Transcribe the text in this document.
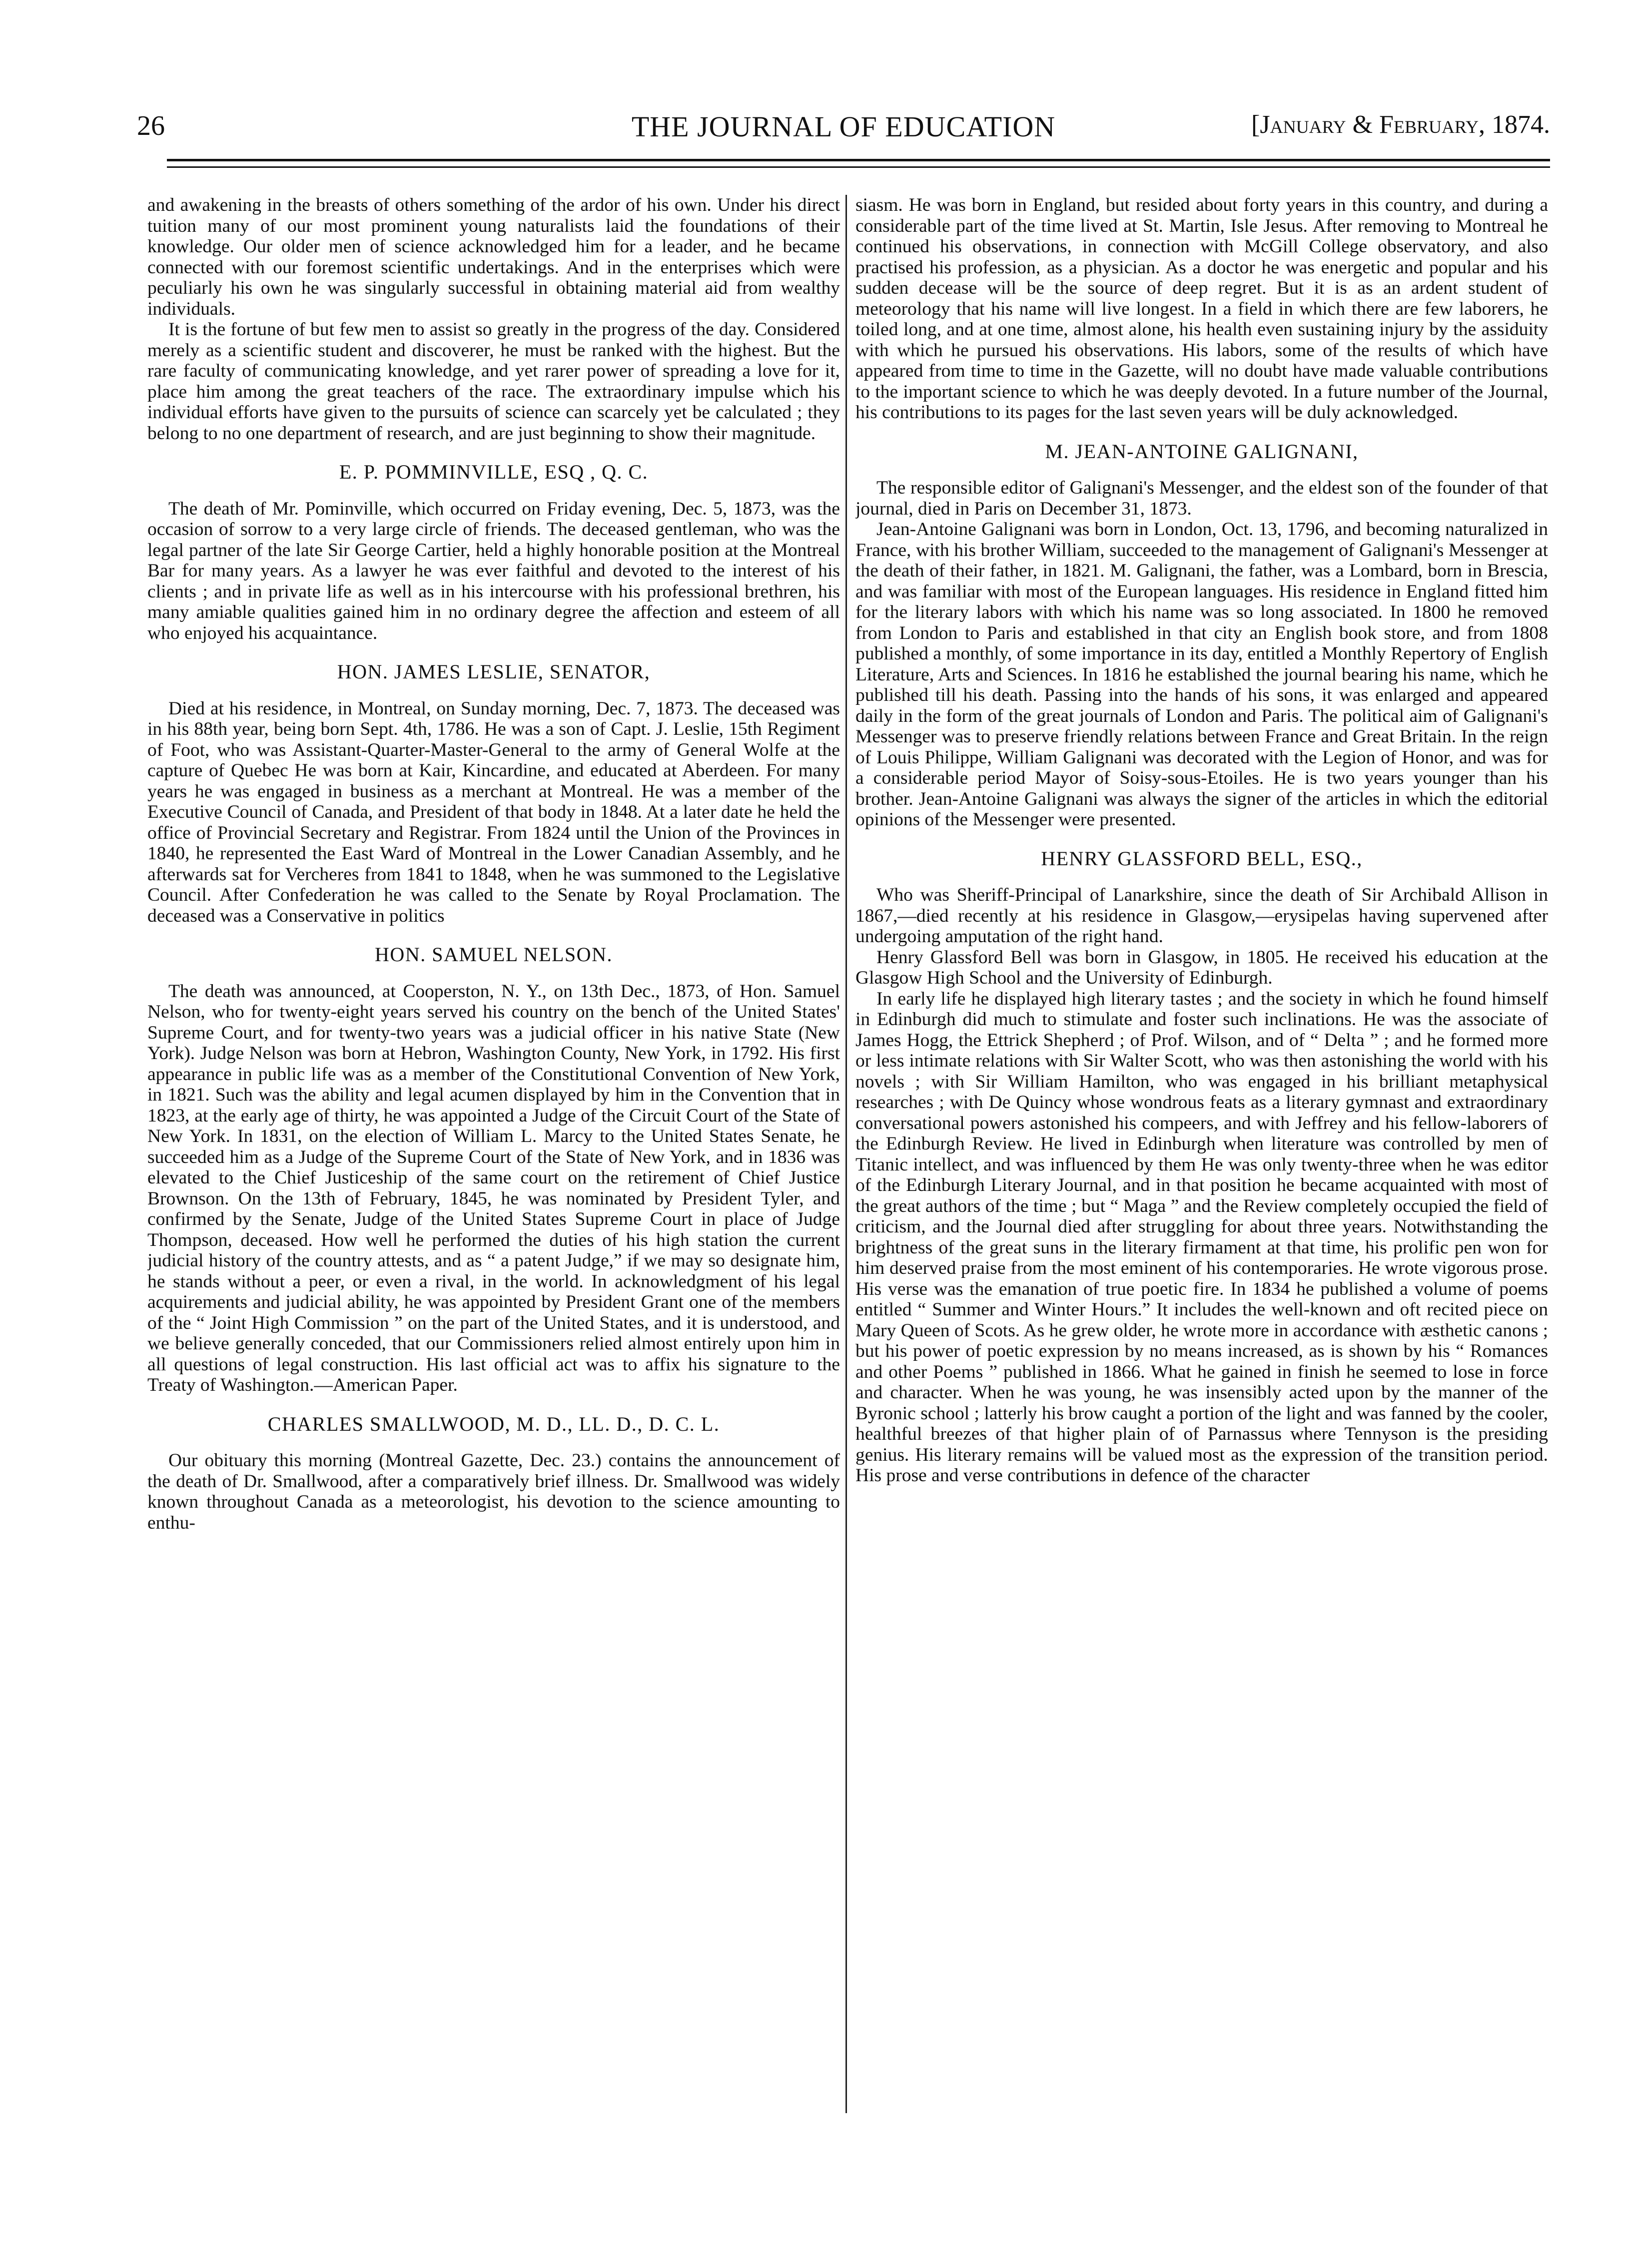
26	THE JOURNAL OF EDUCATION	[January & February, 1874.

and awakening in the breasts of others something of the ardor of his own. Under his direct tuition many of our most prominent young naturalists laid the foundations of their knowledge. Our older men of science acknowledged him for a leader, and he became connected with our foremost scientific undertakings. And in the enterprises which were peculiarly his own he was singularly successful in obtaining material aid from wealthy individuals.

It is the fortune of but few men to assist so greatly in the progress of the day. Considered merely as a scientific student and discoverer, he must be ranked with the highest. But the rare faculty of communicating knowledge, and yet rarer power of spreading a love for it, place him among the great teachers of the race. The extraordinary impulse which his individual efforts have given to the pursuits of science can scarcely yet be calculated ; they belong to no one department of research, and are just beginning to show their magnitude.

E. P. POMMINVILLE, ESQ , Q. C.

The death of Mr. Pominville, which occurred on Friday evening, Dec. 5, 1873, was the occasion of sorrow to a very large circle of friends. The deceased gentleman, who was the legal partner of the late Sir George Cartier, held a highly honorable position at the Montreal Bar for many years. As a lawyer he was ever faithful and devoted to the interest of his clients ; and in private life as well as in his intercourse with his professional brethren, his many amiable qualities gained him in no ordinary degree the affection and esteem of all who enjoyed his acquaintance.

HON. JAMES LESLIE, SENATOR,

Died at his residence, in Montreal, on Sunday morning, Dec. 7, 1873. The deceased was in his 88th year, being born Sept. 4th, 1786. He was a son of Capt. J. Leslie, 15th Regiment of Foot, who was Assistant-Quarter-Master-General to the army of General Wolfe at the capture of Quebec He was born at Kair, Kincardine, and educated at Aberdeen. For many years he was engaged in business as a merchant at Montreal. He was a member of the Executive Council of Canada, and President of that body in 1848. At a later date he held the office of Provincial Secretary and Registrar. From 1824 until the Union of the Provinces in 1840, he represented the East Ward of Montreal in the Lower Canadian Assembly, and he afterwards sat for Vercheres from 1841 to 1848, when he was summoned to the Legislative Council. After Confederation he was called to the Senate by Royal Proclamation. The deceased was a Conservative in politics

HON. SAMUEL NELSON.

The death was announced, at Cooperston, N. Y., on 13th Dec., 1873, of Hon. Samuel Nelson, who for twenty-eight years served his country on the bench of the United States' Supreme Court, and for twenty-two years was a judicial officer in his native State (New York). Judge Nelson was born at Hebron, Washington County, New York, in 1792. His first appearance in public life was as a member of the Constitutional Convention of New York, in 1821. Such was the ability and legal acumen displayed by him in the Convention that in 1823, at the early age of thirty, he was appointed a Judge of the Circuit Court of the State of New York. In 1831, on the election of William L. Marcy to the United States Senate, he succeeded him as a Judge of the Supreme Court of the State of New York, and in 1836 was elevated to the Chief Justiceship of the same court on the retirement of Chief Justice Brownson. On the 13th of February, 1845, he was nominated by President Tyler, and confirmed by the Senate, Judge of the United States Supreme Court in place of Judge Thompson, deceased. How well he performed the duties of his high station the current judicial history of the country attests, and as “ a patent Judge,” if we may so designate him, he stands without a peer, or even a rival, in the world. In acknowledgment of his legal acquirements and judicial ability, he was appointed by President Grant one of the members of the “ Joint High Commission ” on the part of the United States, and it is understood, and we believe generally conceded, that our Commissioners relied almost entirely upon him in all questions of legal construction. His last official act was to affix his signature to the Treaty of Washington.—American Paper.

CHARLES SMALLWOOD, M. D., LL. D., D. C. L.

Our obituary this morning (Montreal Gazette, Dec. 23.) contains the announcement of the death of Dr. Smallwood, after a comparatively brief illness. Dr. Smallwood was widely known throughout Canada as a meteorologist, his devotion to the science amounting to enthu-

siasm. He was born in England, but resided about forty years in this country, and during a considerable part of the time lived at St. Martin, Isle Jesus. After removing to Montreal he continued his observations, in connection with McGill College observatory, and also practised his profession, as a physician. As a doctor he was energetic and popular and his sudden decease will be the source of deep regret. But it is as an ardent student of meteorology that his name will live longest. In a field in which there are few laborers, he toiled long, and at one time, almost alone, his health even sustaining injury by the assiduity with which he pursued his observations. His labors, some of the results of which have appeared from time to time in the Gazette, will no doubt have made valuable contributions to the important science to which he was deeply devoted. In a future number of the Journal, his contributions to its pages for the last seven years will be duly acknowledged.

M. JEAN-ANTOINE GALIGNANI,

The responsible editor of Galignani's Messenger, and the eldest son of the founder of that journal, died in Paris on December 31, 1873.

Jean-Antoine Galignani was born in London, Oct. 13, 1796, and becoming naturalized in France, with his brother William, succeeded to the management of Galignani's Messenger at the death of their father, in 1821. M. Galignani, the father, was a Lombard, born in Brescia, and was familiar with most of the European languages. His residence in England fitted him for the literary labors with which his name was so long associated. In 1800 he removed from London to Paris and established in that city an English book store, and from 1808 published a monthly, of some importance in its day, entitled a Monthly Repertory of English Literature, Arts and Sciences. In 1816 he established the journal bearing his name, which he published till his death. Passing into the hands of his sons, it was enlarged and appeared daily in the form of the great journals of London and Paris. The political aim of Galignani's Messenger was to preserve friendly relations between France and Great Britain. In the reign of Louis Philippe, William Galignani was decorated with the Legion of Honor, and was for a considerable period Mayor of Soisy-sous-Etoiles. He is two years younger than his brother. Jean-Antoine Galignani was always the signer of the articles in which the editorial opinions of the Messenger were presented.

HENRY GLASSFORD BELL, ESQ.,

Who was Sheriff-Principal of Lanarkshire, since the death of Sir Archibald Allison in 1867,—died recently at his residence in Glasgow,—erysipelas having supervened after undergoing amputation of the right hand.

Henry Glassford Bell was born in Glasgow, in 1805. He received his education at the Glasgow High School and the University of Edinburgh.

In early life he displayed high literary tastes ; and the society in which he found himself in Edinburgh did much to stimulate and foster such inclinations. He was the associate of James Hogg, the Ettrick Shepherd ; of Prof. Wilson, and of “ Delta ” ; and he formed more or less intimate relations with Sir Walter Scott, who was then astonishing the world with his novels ; with Sir William Hamilton, who was engaged in his brilliant metaphysical researches ; with De Quincy whose wondrous feats as a literary gymnast and extraordinary conversational powers astonished his compeers, and with Jeffrey and his fellow-laborers of the Edinburgh Review. He lived in Edinburgh when literature was controlled by men of Titanic intellect, and was influenced by them He was only twenty-three when he was editor of the Edinburgh Literary Journal, and in that position he became acquainted with most of the great authors of the time ; but “ Maga ” and the Review completely occupied the field of criticism, and the Journal died after struggling for about three years. Notwithstanding the brightness of the great suns in the literary firmament at that time, his prolific pen won for him deserved praise from the most eminent of his contemporaries. He wrote vigorous prose. His verse was the emanation of true poetic fire. In 1834 he published a volume of poems entitled “ Summer and Winter Hours.” It includes the well-known and oft recited piece on Mary Queen of Scots. As he grew older, he wrote more in accordance with æsthetic canons ; but his power of poetic expression by no means increased, as is shown by his “ Romances and other Poems ” published in 1866. What he gained in finish he seemed to lose in force and character. When he was young, he was insensibly acted upon by the manner of the Byronic school ; latterly his brow caught a portion of the light and was fanned by the cooler, healthful breezes of that higher plain of of Parnassus where Tennyson is the presiding genius. His literary remains will be valued most as the expression of the transition period. His prose and verse contributions in defence of the character
